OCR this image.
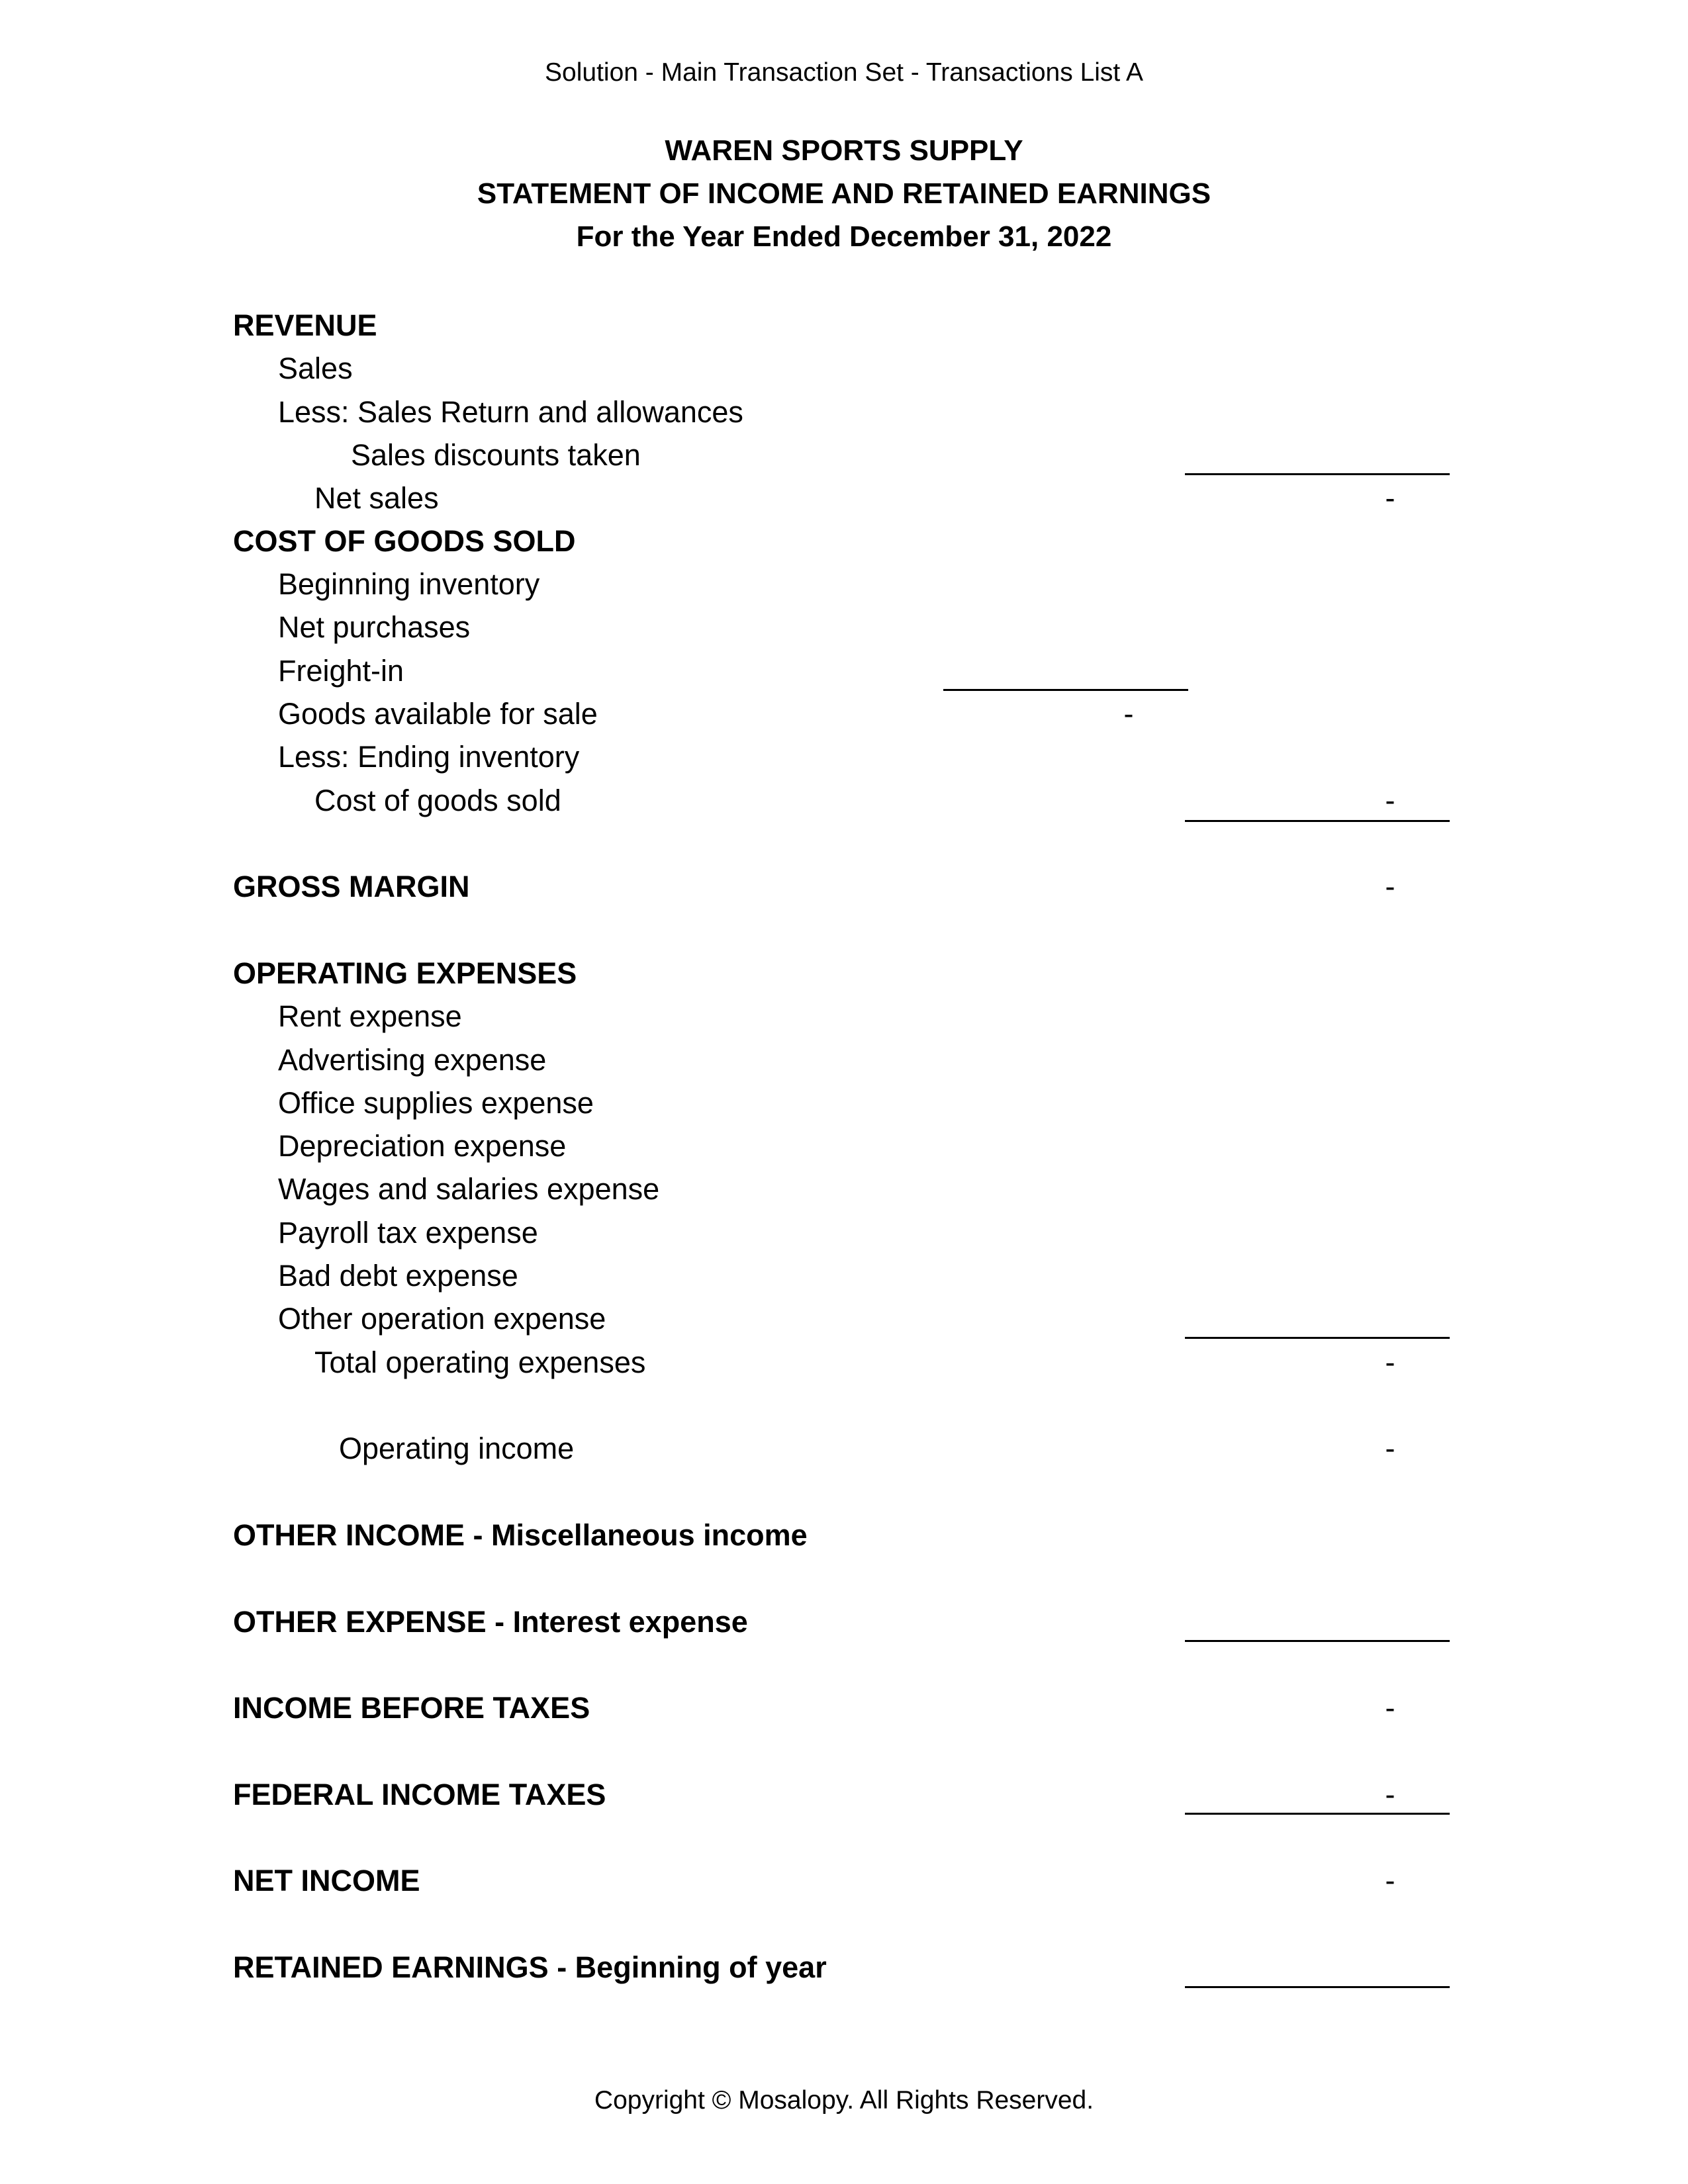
Solution - Main Transaction Set - Transactions List A
WAREN SPORTS SUPPLY
STATEMENT OF INCOME AND RETAINED EARNINGS
For the Year Ended December 31, 2022
REVENUE
Sales
Less: Sales Return and allowances
Sales discounts taken
Net sales	-
COST OF GOODS SOLD
Beginning inventory
Net purchases
Freight-in
Goods available for sale	-
Less: Ending inventory
Cost of goods sold	-
GROSS MARGIN	-
OPERATING EXPENSES
Rent expense
Advertising expense
Office supplies expense
Depreciation expense
Wages and salaries expense
Payroll tax expense
Bad debt expense
Other operation expense
Total operating expenses	-
Operating income	-
OTHER INCOME - Miscellaneous income
OTHER EXPENSE - Interest expense
INCOME BEFORE TAXES	-
FEDERAL INCOME TAXES	-
NET INCOME	-
RETAINED EARNINGS - Beginning of year
Copyright © Mosalopy. All Rights Reserved.
